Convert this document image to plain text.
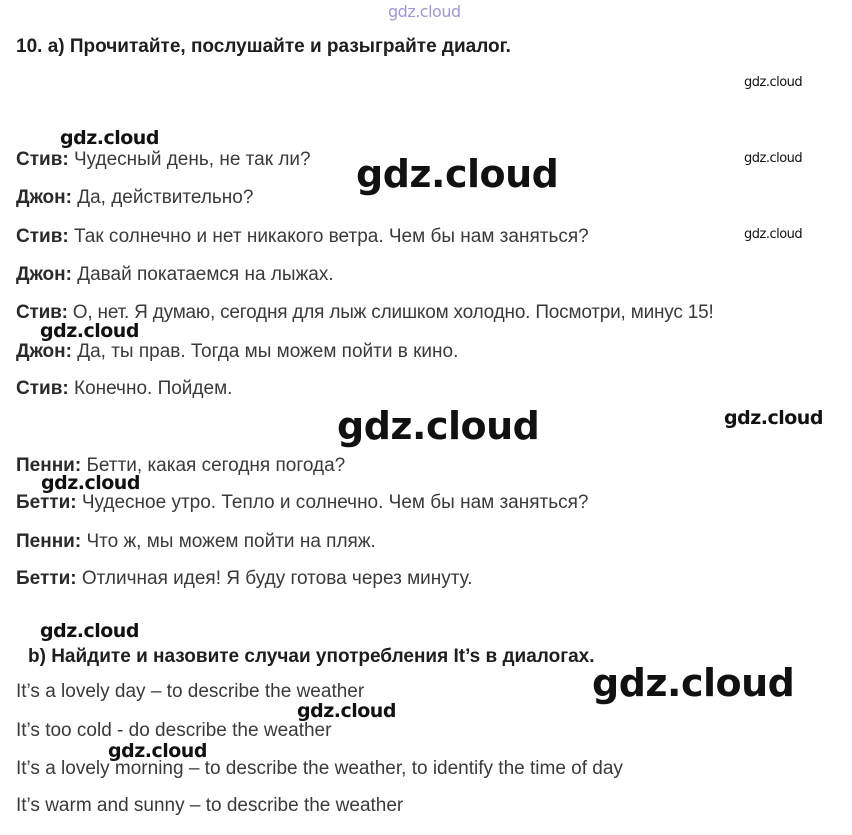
gdz.cloud
gdz.cloud
gdz.cloud
gdz.cloud
gdz.cloud
gdz.cloud
gdz.cloud
gdz.cloud	gdz.cloud
gdz.cloud
gdz.cloud
gdz.cloud
gdz.cloud
gdz.cloud
10. a) Прочитайте, послушайте и разыграйте диалог.
Стив: Чудесный день, не так ли?
Джон: Да, действительно?
Стив: Так солнечно и нет никакого ветра. Чем бы нам заняться?
Джон: Давай покатаемся на лыжах.
Стив: О, нет. Я думаю, сегодня для лыж слишком холодно. Посмотри, минус 15!
Джон: Да, ты прав. Тогда мы можем пойти в кино.
Стив: Конечно. Пойдем.
Пенни: Бетти, какая сегодня погода?
Бетти: Чудесное утро. Тепло и солнечно. Чем бы нам заняться?
Пенни: Что ж, мы можем пойти на пляж.
Бетти: Отличная идея! Я буду готова через минуту.
b) Найдите и назовите случаи употребления It’s в диалогах.
It’s a lovely day – to describe the weather
It’s too cold - do describe the weather
It’s a lovely morning – to describe the weather, to identify the time of day
It’s warm and sunny – to describe the weather
